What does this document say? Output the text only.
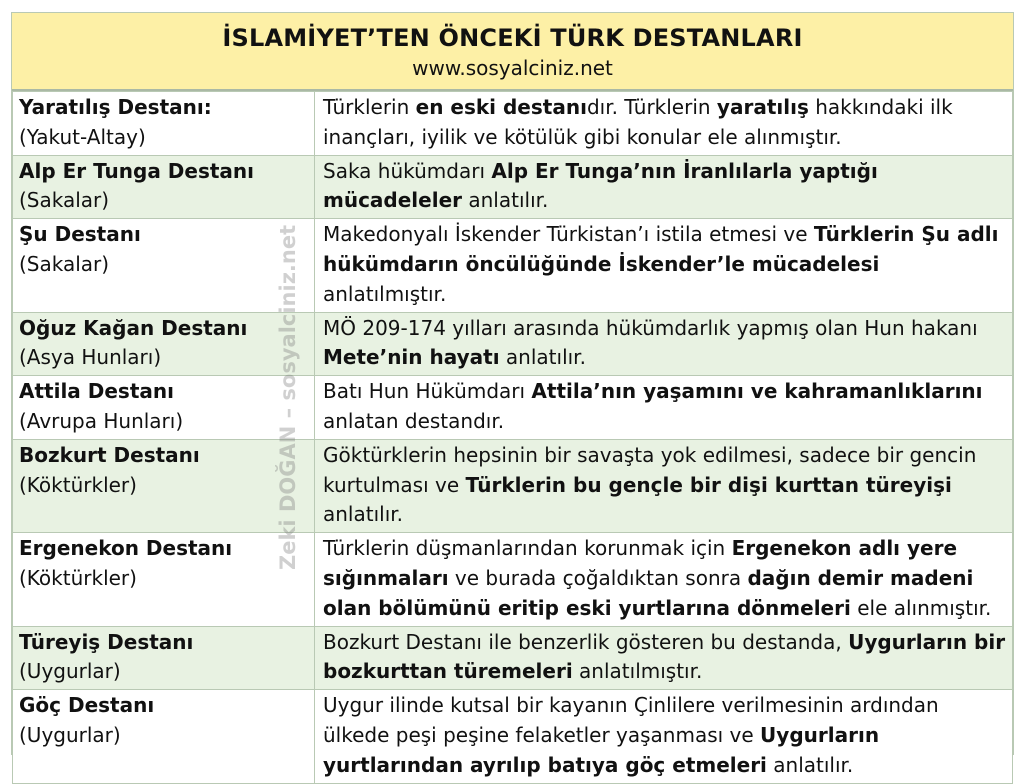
İSLAMİYET’TEN ÖNCEKİ TÜRK DESTANLARI
www.sosyalciniz.net
Yaratılış Destanı:
(Yakut-Altay)	Türklerin en eski destanıdır. Türklerin yaratılış hakkındaki ilk inançları, iyilik ve kötülük gibi konular ele alınmıştır.

Alp Er Tunga Destanı
(Sakalar)	Saka hükümdarı Alp Er Tunga’nın İranlılarla yaptığı mücadeleler anlatılır.

Şu Destanı
(Sakalar)	Makedonyalı İskender Türkistan’ı istila etmesi ve Türklerin Şu adlı hükümdarın öncülüğünde İskender’le mücadelesi anlatılmıştır.

Oğuz Kağan Destanı
(Asya Hunları)	MÖ 209-174 yılları arasında hükümdarlık yapmış olan Hun hakanı Mete’nin hayatı anlatılır.

Attila Destanı
(Avrupa Hunları)	Batı Hun Hükümdarı Attila’nın yaşamını ve kahramanlıklarını anlatan destandır.

Bozkurt Destanı
(Köktürkler)	Göktürklerin hepsinin bir savaşta yok edilmesi, sadece bir gencin kurtulması ve Türklerin bu gençle bir dişi kurttan türeyişi anlatılır.

Ergenekon Destanı
(Köktürkler)	Türklerin düşmanlarından korunmak için Ergenekon adlı yere sığınmaları ve burada çoğaldıktan sonra dağın demir madeni olan bölümünü eritip eski yurtlarına dönmeleri ele alınmıştır.

Türeyiş Destanı
(Uygurlar)	Bozkurt Destanı ile benzerlik gösteren bu destanda, Uygurların bir bozkurttan türemeleri anlatılmıştır.

Göç Destanı
(Uygurlar)	Uygur ilinde kutsal bir kayanın Çinlilere verilmesinin ardından ülkede peşi peşine felaketler yaşanması ve Uygurların yurtlarından ayrılıp batıya göç etmeleri anlatılır.
Zeki DOĞAN – sosyalciniz.net
